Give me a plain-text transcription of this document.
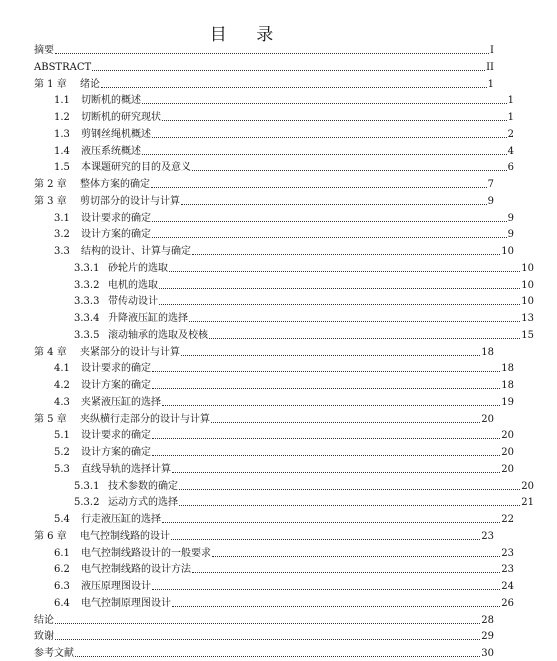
目 录
摘要	I
ABSTRACT	II
第 1 章	绪论	1
1.1	切断机的概述	1
1.2	切断机的研究现状	1
1.3	剪钢丝绳机概述	2
1.4	液压系统概述	4
1.5	本课题研究的目的及意义	6
第 2 章	整体方案的确定	7
第 3 章	剪切部分的设计与计算	9
3.1	设计要求的确定	9
3.2	设计方案的确定	9
3.3	结构的设计、计算与确定	10
3.3.1 砂轮片的选取	10
3.3.2 电机的选取	10
3.3.3 带传动设计	10
3.3.4 升降液压缸的选择	13
3.3.5 滚动轴承的选取及校核	15
第 4 章	夹紧部分的设计与计算	18
4.1	设计要求的确定	18
4.2	设计方案的确定	18
4.3	夹紧液压缸的选择	19
第 5 章	夹纵横行走部分的设计与计算	20
5.1	设计要求的确定	20
5.2	设计方案的确定	20
5.3	直线导轨的选择计算	20
5.3.1 技术参数的确定	20
5.3.2 运动方式的选择	21
5.4	行走液压缸的选择	22
第 6 章	电气控制线路的设计	23
6.1	电气控制线路设计的一般要求	23
6.2	电气控制线路的设计方法	23
6.3	液压原理图设计	24
6.4	电气控制原理图设计	26
结论	28
致谢	29
参考文献	30
